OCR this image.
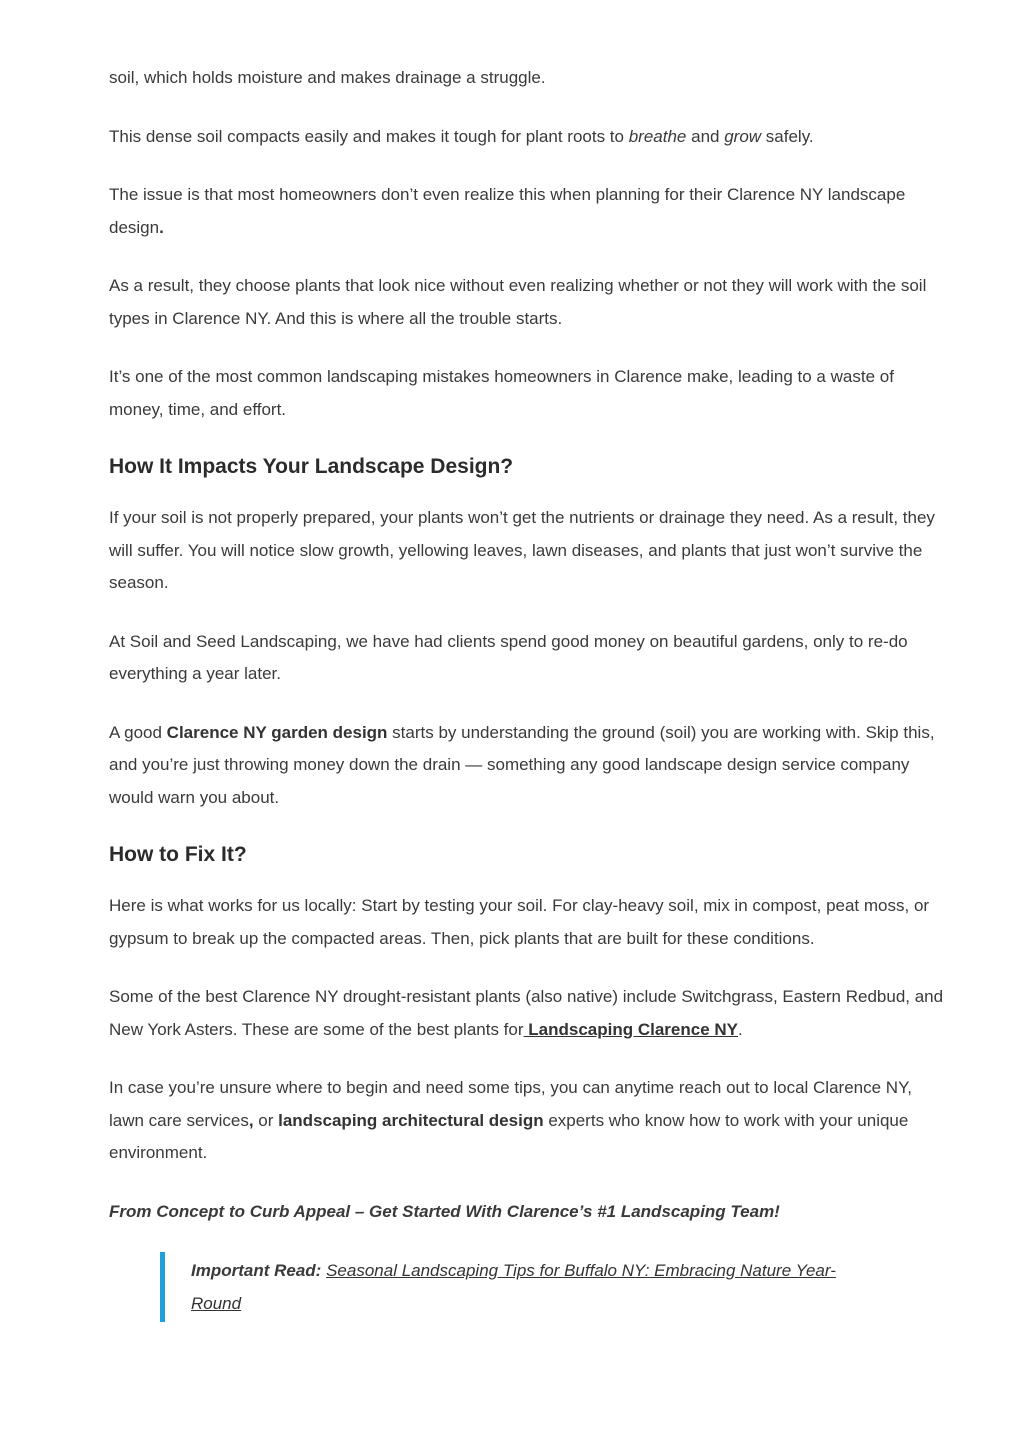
soil, which holds moisture and makes drainage a struggle.

This dense soil compacts easily and makes it tough for plant roots to breathe and grow safely.

The issue is that most homeowners don’t even realize this when planning for their Clarence NY landscape design.

As a result, they choose plants that look nice without even realizing whether or not they will work with the soil types in Clarence NY. And this is where all the trouble starts.

It’s one of the most common landscaping mistakes homeowners in Clarence make, leading to a waste of money, time, and effort.

How It Impacts Your Landscape Design?

If your soil is not properly prepared, your plants won’t get the nutrients or drainage they need. As a result, they will suffer. You will notice slow growth, yellowing leaves, lawn diseases, and plants that just won’t survive the season.

At Soil and Seed Landscaping, we have had clients spend good money on beautiful gardens, only to re-do everything a year later.

A good Clarence NY garden design starts by understanding the ground (soil) you are working with. Skip this, and you’re just throwing money down the drain — something any good landscape design service company would warn you about.

How to Fix It?

Here is what works for us locally: Start by testing your soil. For clay-heavy soil, mix in compost, peat moss, or gypsum to break up the compacted areas. Then, pick plants that are built for these conditions.

Some of the best Clarence NY drought-resistant plants (also native) include Switchgrass, Eastern Redbud, and New York Asters. These are some of the best plants for Landscaping Clarence NY.

In case you’re unsure where to begin and need some tips, you can anytime reach out to local Clarence NY, lawn care services, or landscaping architectural design experts who know how to work with your unique environment.

From Concept to Curb Appeal – Get Started With Clarence’s #1 Landscaping Team!

Important Read: Seasonal Landscaping Tips for Buffalo NY: Embracing Nature Year-Round
